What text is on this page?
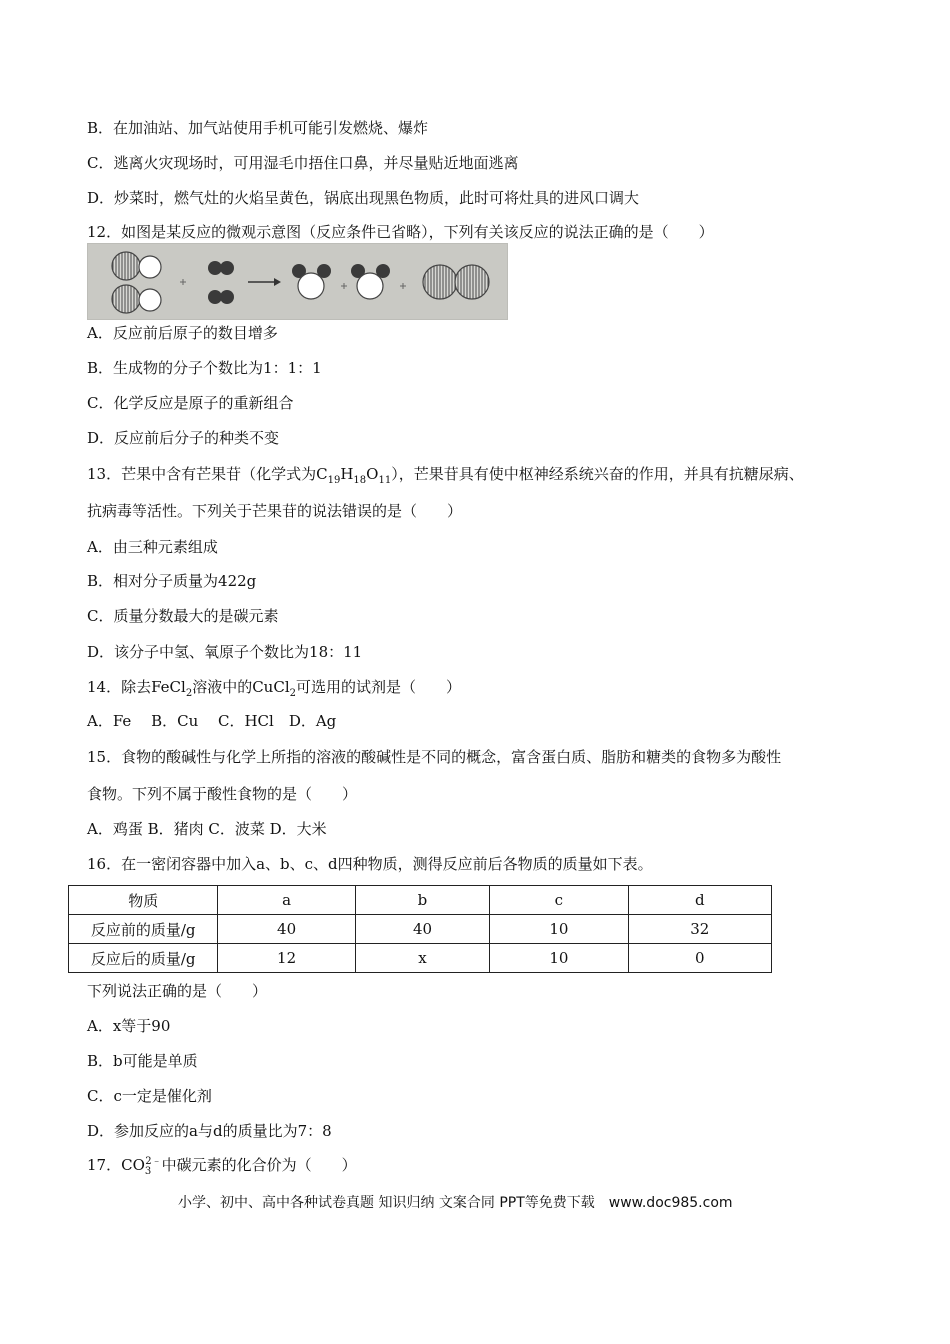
B．在加油站、加气站使用手机可能引发燃烧、爆炸
C．逃离火灾现场时，可用湿毛巾捂住口鼻，并尽量贴近地面逃离
D．炒菜时，燃气灶的火焰呈黄色，锅底出现黑色物质，此时可将灶具的进风口调大
12．如图是某反应的微观示意图（反应条件已省略），下列有关该反应的说法正确的是（　　）
A．反应前后原子的数目增多
B．生成物的分子个数比为1：1：1
C．化学反应是原子的重新组合
D．反应前后分子的种类不变
13．芒果中含有芒果苷（化学式为$C_{19}H_{18}O_{11}$），芒果苷具有使中枢神经系统兴奋的作用，并具有抗糖尿病、
抗病毒等活性。下列关于芒果苷的说法错误的是（　　）
A．由三种元素组成
B．相对分子质量为422g
C．质量分数最大的是碳元素
D．该分子中氢、氧原子个数比为18：11
14．除去FeCl$_2$溶液中的CuCl$_2$可选用的试剂是（　　）
A．Fe　 B．Cu　 C．HCl　D．Ag
15．食物的酸碱性与化学上所指的溶液的酸碱性是不同的概念，富含蛋白质、脂肪和糖类的食物多为酸性
食物。下列不属于酸性食物的是（　　）
A．鸡蛋 B．猪肉 C．波菜 D．大米
16．在一密闭容器中加入a、b、c、d四种物质，测得反应前后各物质的质量如下表。
物质	a	b	c	d
反应前的质量/g	40	40	10	32
反应后的质量/g	12	x	10	0
下列说法正确的是（　　）
A．x等于90
B．b可能是单质
C．c一定是催化剂
D．参加反应的a与d的质量比为7：8
17．$CO_3^{2﹣}$中碳元素的化合价为（　　）
小学、初中、高中各种试卷真题 知识归纳 文案合同 PPT等免费下载　www.doc985.com
